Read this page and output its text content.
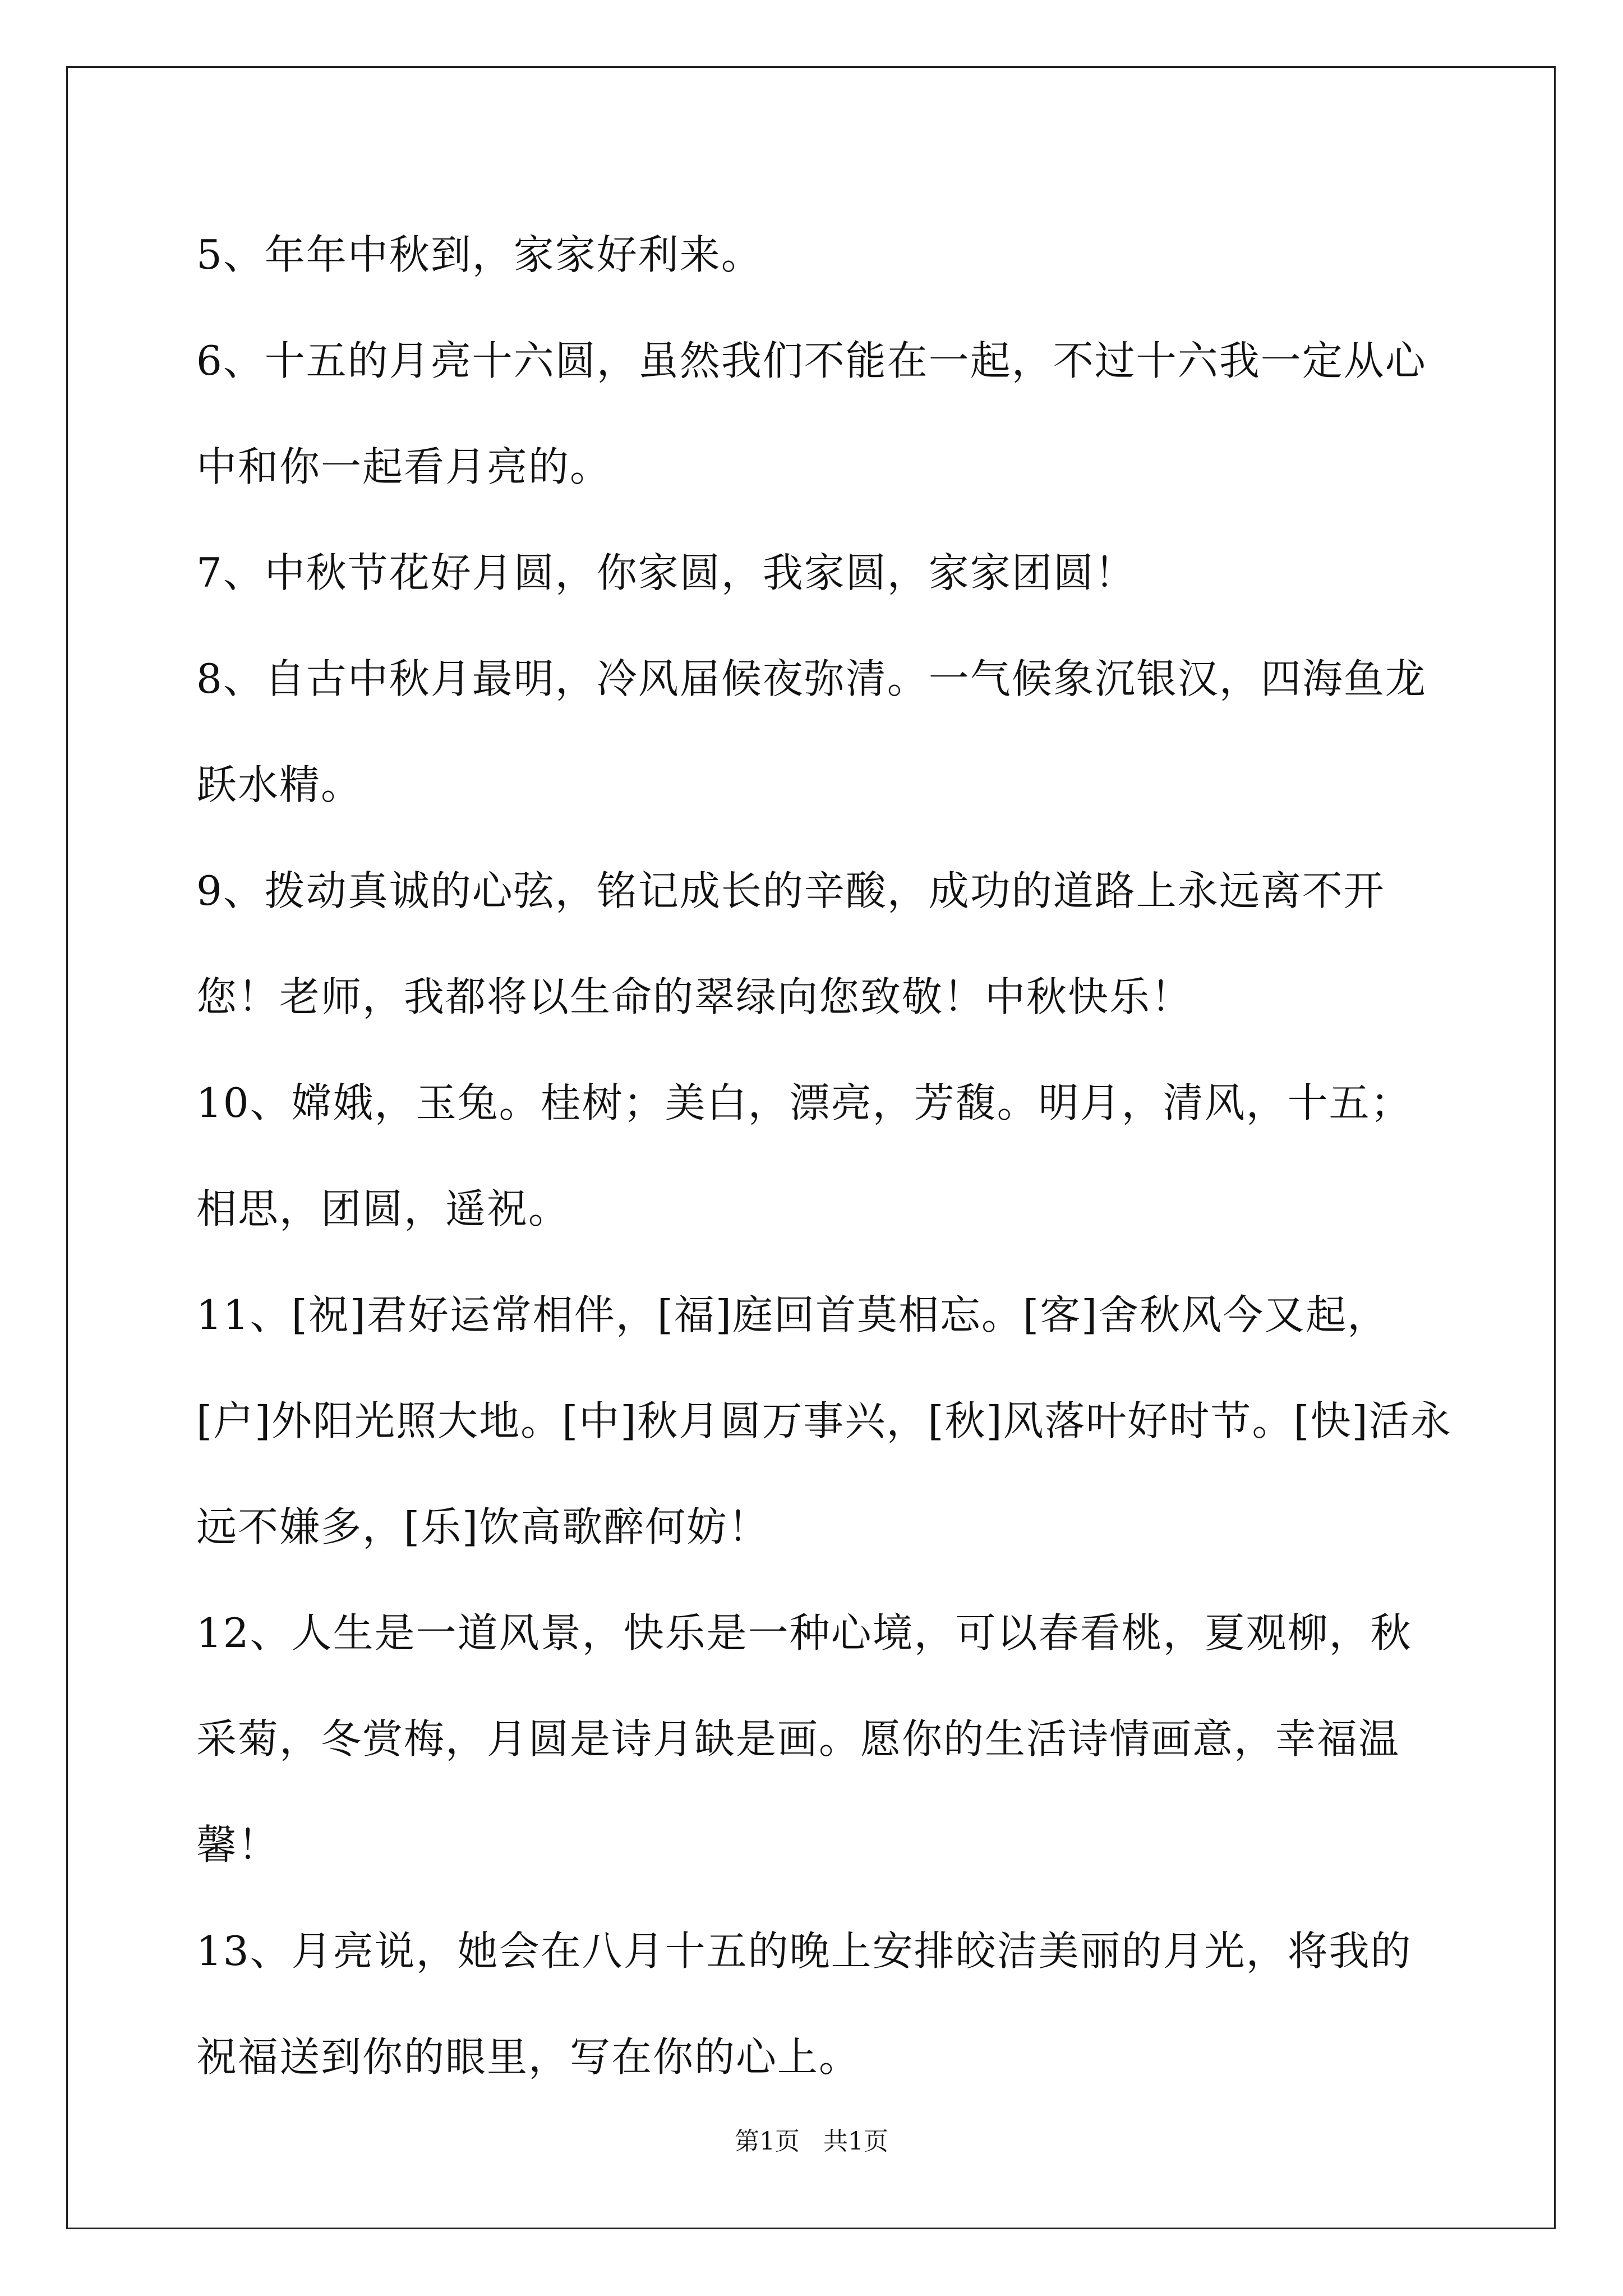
5、年年中秋到，家家好利来。

6、十五的月亮十六圆，虽然我们不能在一起，不过十六我一定从心中和你一起看月亮的。

7、中秋节花好月圆，你家圆，我家圆，家家团圆！

8、自古中秋月最明，冷风届候夜弥清。一气候象沉银汉，四海鱼龙跃水精。

9、拨动真诚的心弦，铭记成长的辛酸，成功的道路上永远离不开您！老师，我都将以生命的翠绿向您致敬！中秋快乐！

10、嫦娥，玉兔。桂树；美白，漂亮，芳馥。明月，清风，十五；相思，团圆，遥祝。

11、[祝]君好运常相伴，[福]庭回首莫相忘。[客]舍秋风今又起，[户]外阳光照大地。[中]秋月圆万事兴，[秋]风落叶好时节。[快]活永远不嫌多，[乐]饮高歌醉何妨！

12、人生是一道风景，快乐是一种心境，可以春看桃，夏观柳，秋采菊，冬赏梅，月圆是诗月缺是画。愿你的生活诗情画意，幸福温馨！

13、月亮说，她会在八月十五的晚上安排皎洁美丽的月光，将我的祝福送到你的眼里，写在你的心上。

第1页   共1页
